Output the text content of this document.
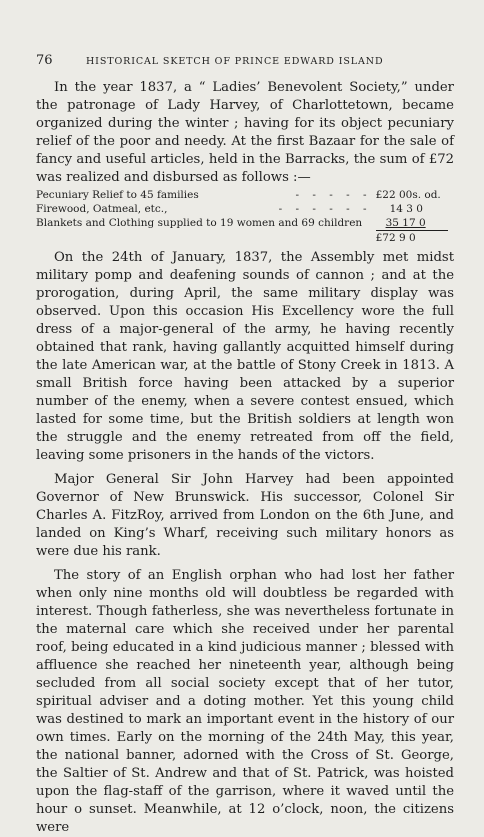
76	HISTORICAL SKETCH OF PRINCE EDWARD ISLAND

In the year 1837, a “ Ladies’ Benevolent Society,” under the patronage of Lady Harvey, of Charlottetown, became organized during the winter ; having for its object pecuniary relief of the poor and needy. At the first Bazaar for the sale of fancy and useful articles, held in the Barracks, the sum of £72 was realized and disbursed as follows :—

Pecuniary Relief to 45 families	- - - - -	£22 00s. od.
Firewood, Oatmeal, etc.,	- - - - - -	14 3 0
Blankets and Clothing supplied to 19 women and 69 children		35 17 0
		£72 9 0

On the 24th of January, 1837, the Assembly met midst military pomp and deafening sounds of cannon ; and at the prorogation, during April, the same military display was observed. Upon this occasion His Excellency wore the full dress of a major-general of the army, he having recently obtained that rank, having gallantly acquitted himself during the late American war, at the battle of Stony Creek in 1813. A small British force having been attacked by a superior number of the enemy, when a severe contest ensued, which lasted for some time, but the British soldiers at length won the struggle and the enemy retreated from off the field, leaving some prisoners in the hands of the victors.

Major General Sir John Harvey had been appointed Governor of New Brunswick. His successor, Colonel Sir Charles A. FitzRoy, arrived from London on the 6th June, and landed on King’s Wharf, receiving such military honors as were due his rank.

The story of an English orphan who had lost her father when only nine months old will doubtless be regarded with interest. Though fatherless, she was nevertheless fortunate in the maternal care which she received under her parental roof, being educated in a kind judicious manner ; blessed with affluence she reached her nineteenth year, although being secluded from all social society except that of her tutor, spiritual adviser and a doting mother. Yet this young child was destined to mark an important event in the history of our own times. Early on the morning of the 24th May, this year, the national banner, adorned with the Cross of St. George, the Saltier of St. Andrew and that of St. Patrick, was hoisted upon the flag-staff of the garrison, where it waved until the hour o sunset. Meanwhile, at 12 o’clock, noon, the citizens were
